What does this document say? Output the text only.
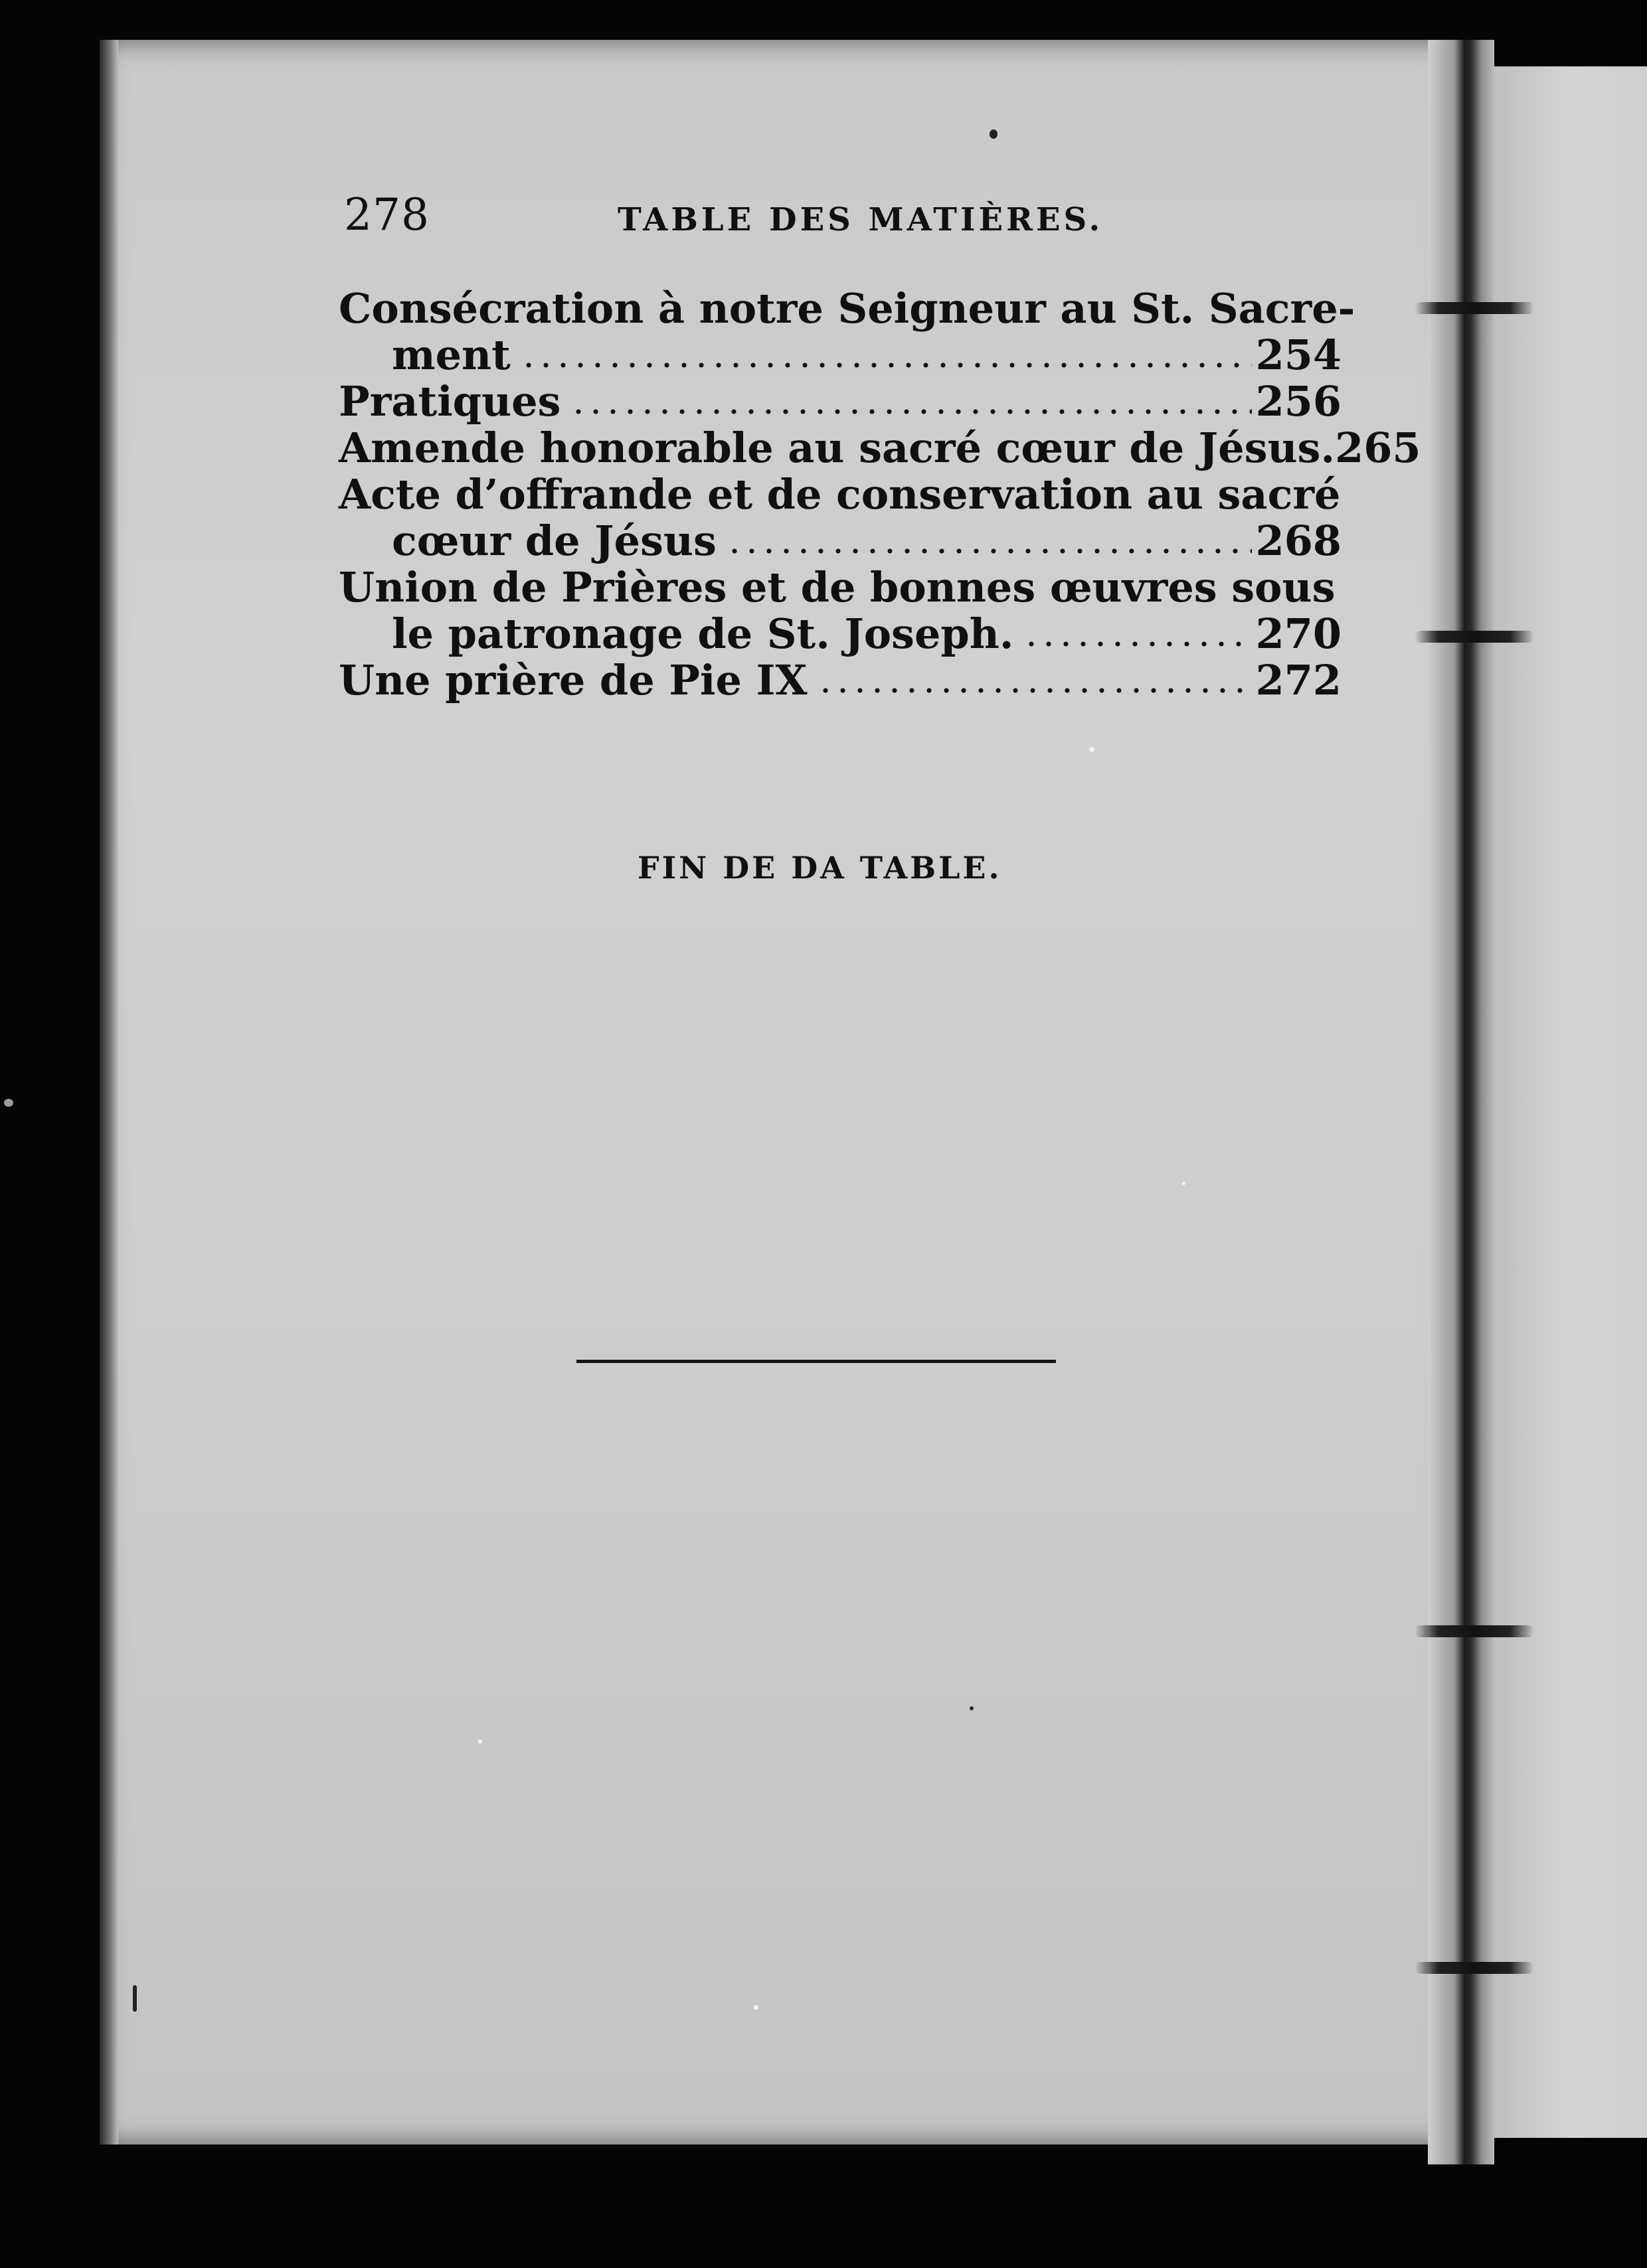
278	TABLE DES MATIÈRES.
Consécration à notre Seigneur au St. Sacre-
ment	254
Pratiques	256
Amende honorable au sacré cœur de Jésus. 265
Acte d’offrande et de conservation au sacré
cœur de Jésus	268
Union de Prières et de bonnes œuvres sous
le patronage de St. Joseph.	270
Une prière de Pie IX	272
FIN DE DA TABLE.
